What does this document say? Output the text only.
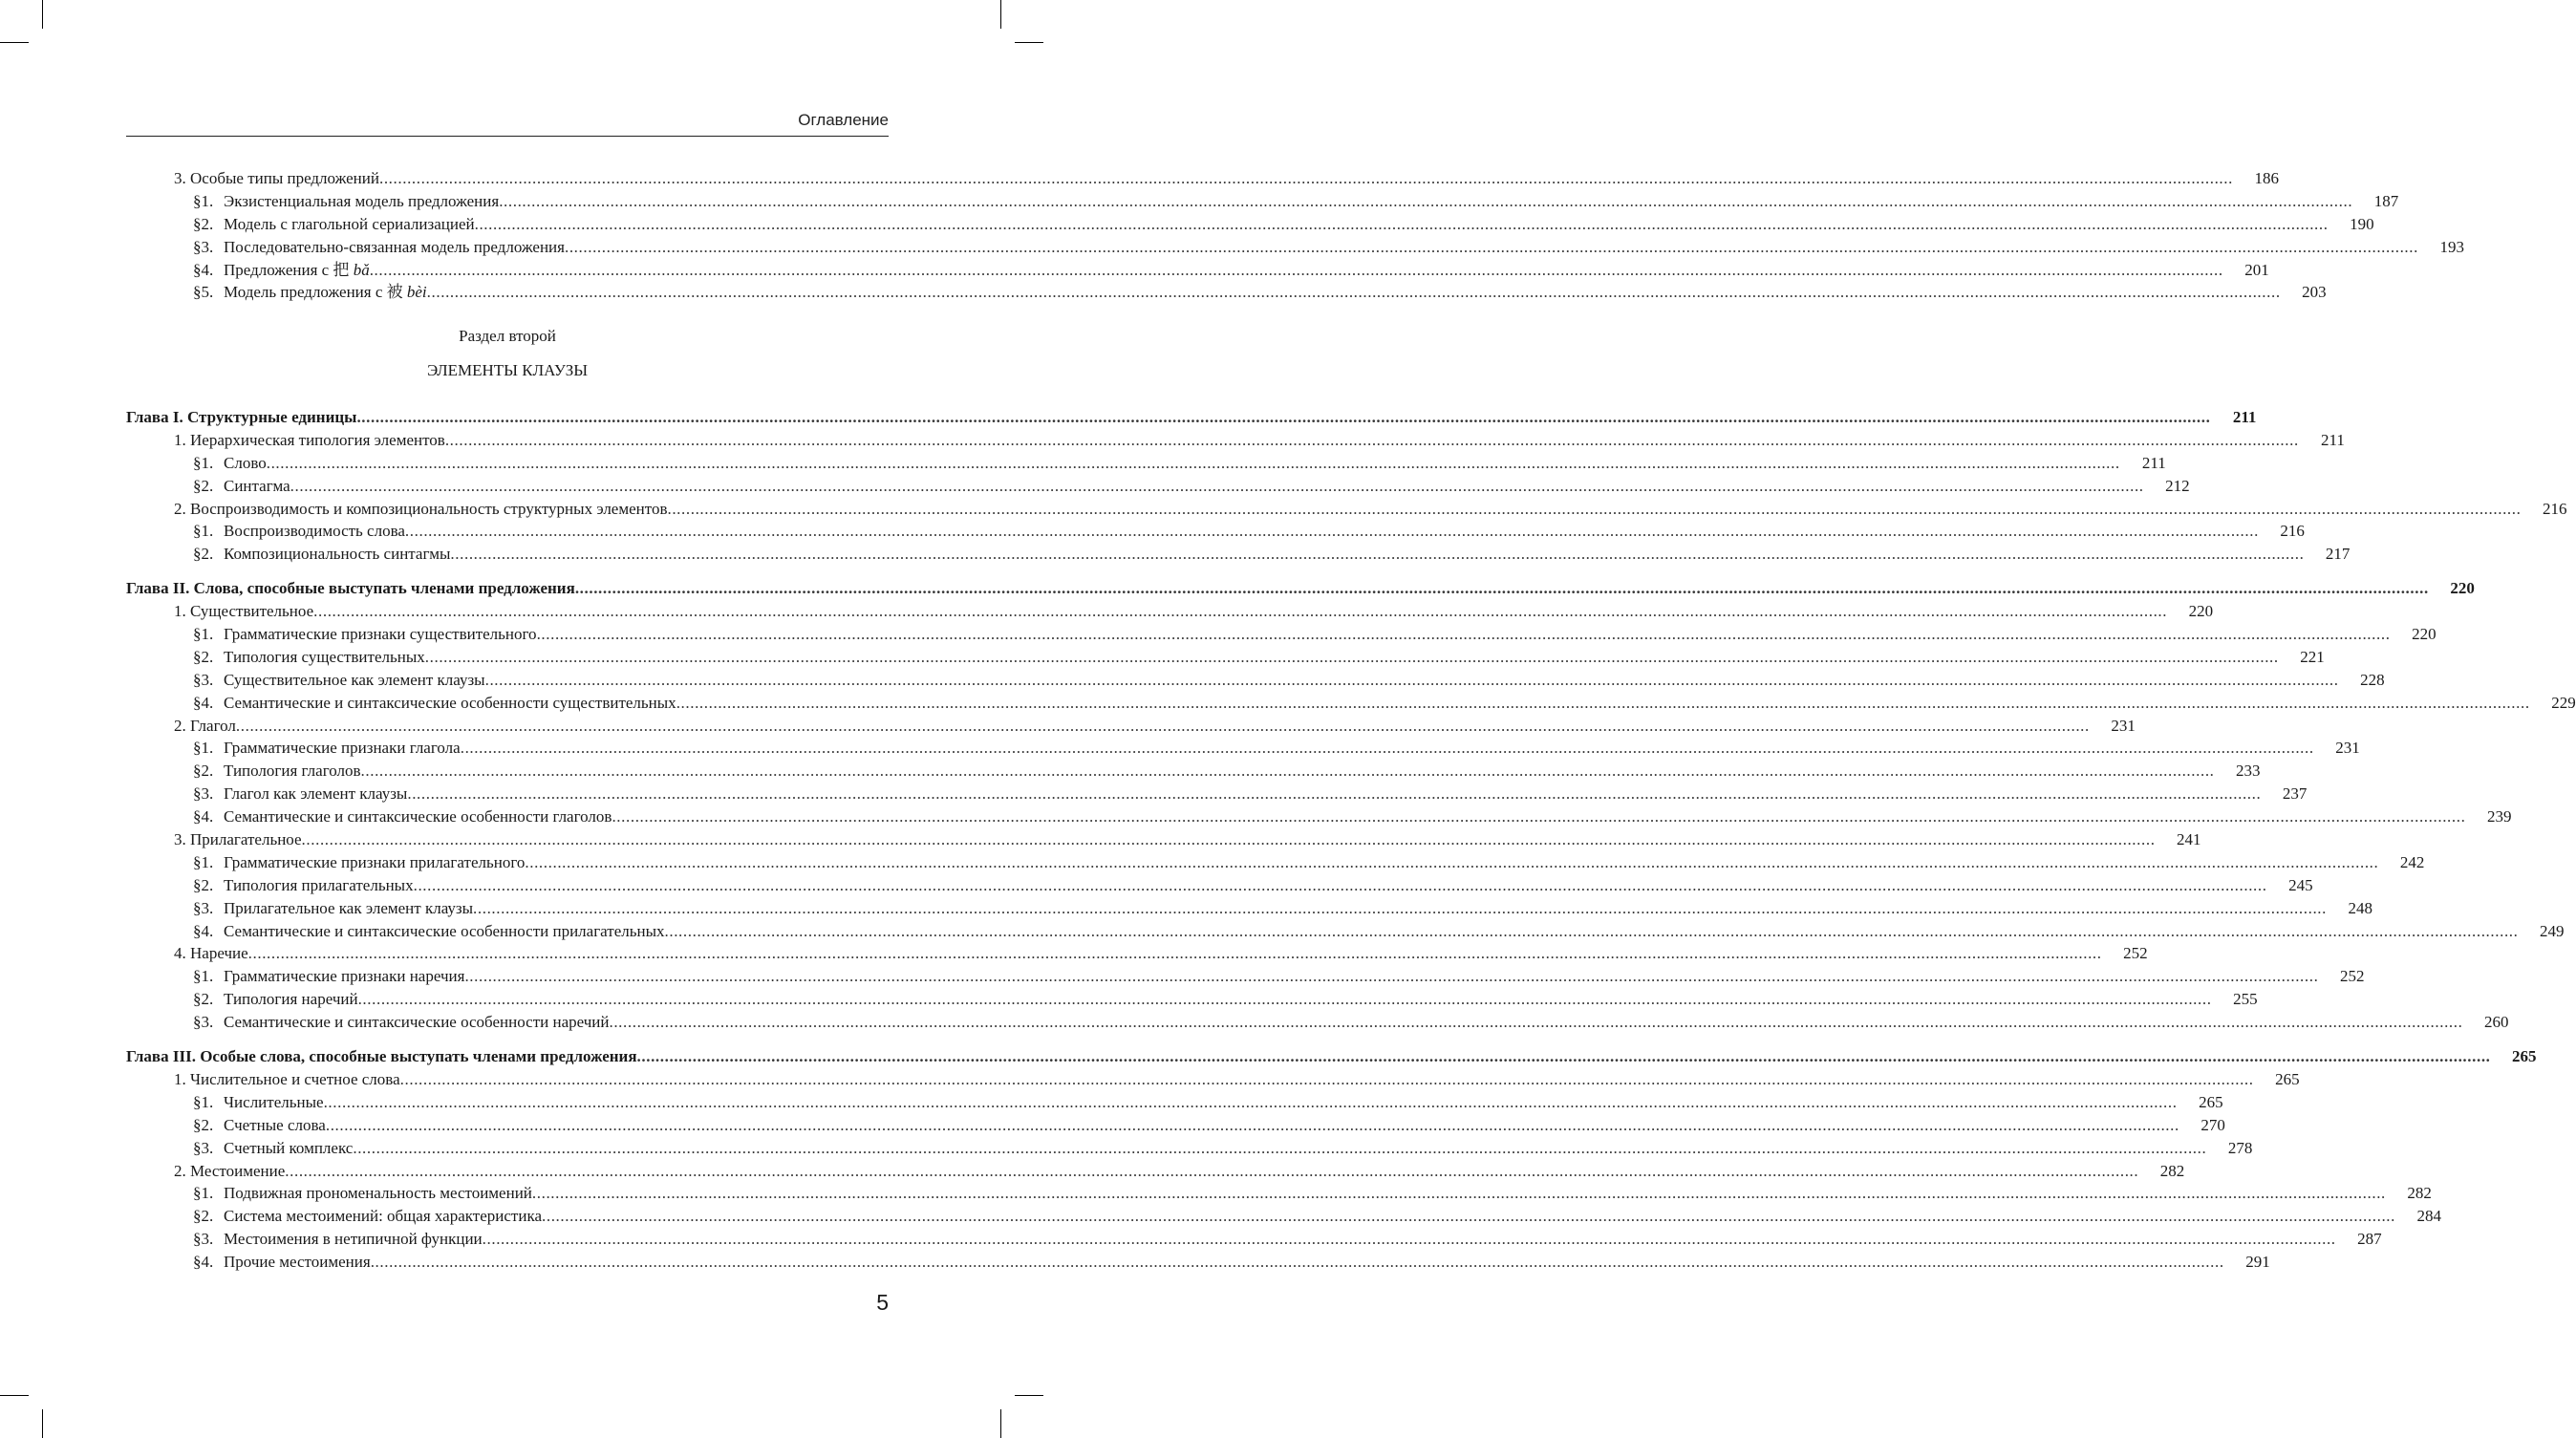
Оглавление
3. Особые типы предложений ................................................................................................................................................................................................................................................................................................................................................................................................................	186
§1. Экзистенциальная модель предложения ................................................................................................................................................................................................................................................................................................................................................................................................................	187
§2. Модель с глагольной сериализацией ................................................................................................................................................................................................................................................................................................................................................................................................................	190
§3. Последовательно-связанная модель предложения ................................................................................................................................................................................................................................................................................................................................................................................................................	193
§4. Предложения с 把 bǎ ................................................................................................................................................................................................................................................................................................................................................................................................................	201
§5. Модель предложения с 被 bèi ................................................................................................................................................................................................................................................................................................................................................................................................................	203
Раздел второй
ЭЛЕМЕНТЫ КЛАУЗЫ
Глава I. Структурные единицы ................................................................................................................................................................................................................................................................................................................................................................................................................	211
1. Иерархическая типология элементов ................................................................................................................................................................................................................................................................................................................................................................................................................	211
§1. Слово ................................................................................................................................................................................................................................................................................................................................................................................................................	211
§2. Синтагма ................................................................................................................................................................................................................................................................................................................................................................................................................	212
2. Воспроизводимость и композициональность структурных элементов ................................................................................................................................................................................................................................................................................................................................................................................................................	216
§1. Воспроизводимость слова ................................................................................................................................................................................................................................................................................................................................................................................................................	216
§2. Композициональность синтагмы ................................................................................................................................................................................................................................................................................................................................................................................................................	217
Глава II. Слова, способные выступать членами предложения ................................................................................................................................................................................................................................................................................................................................................................................................................	220
1. Существительное ................................................................................................................................................................................................................................................................................................................................................................................................................	220
§1. Грамматические признаки существительного ................................................................................................................................................................................................................................................................................................................................................................................................................	220
§2. Типология существительных ................................................................................................................................................................................................................................................................................................................................................................................................................	221
§3. Существительное как элемент клаузы ................................................................................................................................................................................................................................................................................................................................................................................................................	228
§4. Семантические и синтаксические особенности существительных ................................................................................................................................................................................................................................................................................................................................................................................................................	229
2. Глагол ................................................................................................................................................................................................................................................................................................................................................................................................................	231
§1. Грамматические признаки глагола ................................................................................................................................................................................................................................................................................................................................................................................................................	231
§2. Типология глаголов ................................................................................................................................................................................................................................................................................................................................................................................................................	233
§3. Глагол как элемент клаузы ................................................................................................................................................................................................................................................................................................................................................................................................................	237
§4. Семантические и синтаксические особенности глаголов ................................................................................................................................................................................................................................................................................................................................................................................................................	239
3. Прилагательное ................................................................................................................................................................................................................................................................................................................................................................................................................	241
§1. Грамматические признаки прилагательного ................................................................................................................................................................................................................................................................................................................................................................................................................	242
§2. Типология прилагательных ................................................................................................................................................................................................................................................................................................................................................................................................................	245
§3. Прилагательное как элемент клаузы ................................................................................................................................................................................................................................................................................................................................................................................................................	248
§4. Семантические и синтаксические особенности прилагательных ................................................................................................................................................................................................................................................................................................................................................................................................................	249
4. Наречие ................................................................................................................................................................................................................................................................................................................................................................................................................	252
§1. Грамматические признаки наречия ................................................................................................................................................................................................................................................................................................................................................................................................................	252
§2. Типология наречий ................................................................................................................................................................................................................................................................................................................................................................................................................	255
§3. Семантические и синтаксические особенности наречий ................................................................................................................................................................................................................................................................................................................................................................................................................	260
Глава III. Особые слова, способные выступать членами предложения ................................................................................................................................................................................................................................................................................................................................................................................................................	265
1. Числительное и счетное слова ................................................................................................................................................................................................................................................................................................................................................................................................................	265
§1. Числительные ................................................................................................................................................................................................................................................................................................................................................................................................................	265
§2. Счетные слова ................................................................................................................................................................................................................................................................................................................................................................................................................	270
§3. Счетный комплекс ................................................................................................................................................................................................................................................................................................................................................................................................................	278
2. Местоимение ................................................................................................................................................................................................................................................................................................................................................................................................................	282
§1. Подвижная прономенальность местоимений ................................................................................................................................................................................................................................................................................................................................................................................................................	282
§2. Система местоимений: общая характеристика ................................................................................................................................................................................................................................................................................................................................................................................................................	284
§3. Местоимения в нетипичной функции ................................................................................................................................................................................................................................................................................................................................................................................................................	287
§4. Прочие местоимения ................................................................................................................................................................................................................................................................................................................................................................................................................	291
5
